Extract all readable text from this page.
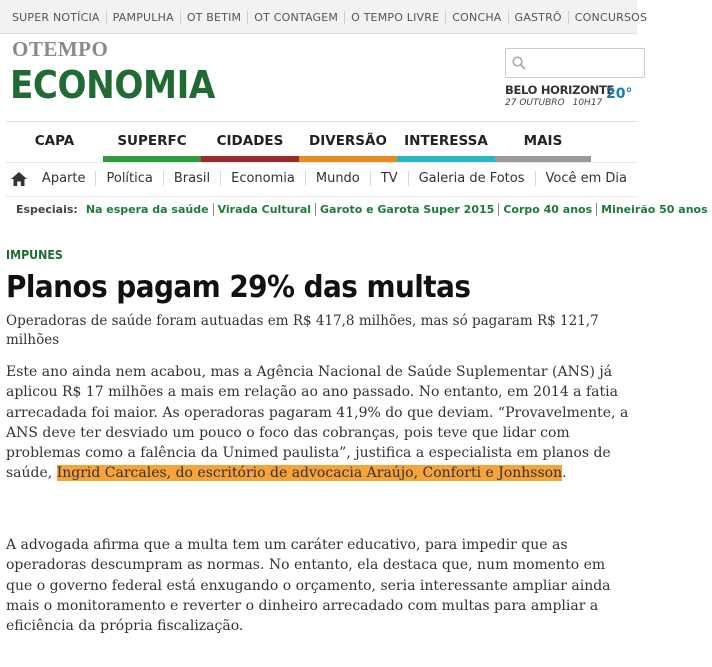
SUPER NOTÍCIA	PAMPULHA	OT BETIM	OT CONTAGEM	O TEMPO LIVRE	CONCHA	GASTRÔ	CONCURSOS
OTEMPO
ECONOMIA	BELO HORIZONTE
27 OUTUBRO 10H17
20°
CAPA	SUPERFC	CIDADES	DIVERSÃO	INTERESSA	MAIS
Aparte	Política	Brasil	Economia	Mundo	TV	Galeria de Fotos	Você em Dia
Especiais: Na espera da saúde Virada Cultural Garoto e Garota Super 2015 Corpo 40 anos Mineirão 50 anos
IMPUNES
Planos pagam 29% das multas

Operadoras de saúde foram autuadas em R$ 417,8 milhões, mas só pagaram R$ 121,7 milhões

Este ano ainda nem acabou, mas a Agência Nacional de Saúde Suplementar (ANS) já aplicou R$ 17 milhões a mais em relação ao ano passado. No entanto, em 2014 a fatia arrecadada foi maior. As operadoras pagaram 41,9% do que deviam. “Provavelmente, a ANS deve ter desviado um pouco o foco das cobranças, pois teve que lidar com problemas como a falência da Unimed paulista”, justifica a especialista em planos de saúde, Ingrid Carcales, do escritório de advocacia Araújo, Conforti e Jonhsson.

A advogada afirma que a multa tem um caráter educativo, para impedir que as operadoras descumpram as normas. No entanto, ela destaca que, num momento em que o governo federal está enxugando o orçamento, seria interessante ampliar ainda mais o monitoramento e reverter o dinheiro arrecadado com multas para ampliar a eficiência da própria fiscalização.
